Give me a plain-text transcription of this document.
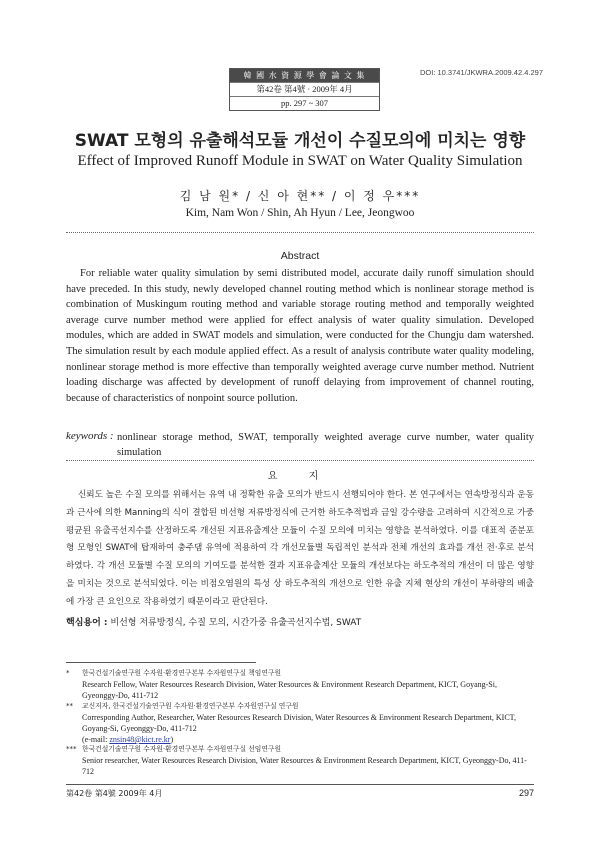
韓 國 水 資 源 學 會 論 文 集
第42卷 第4號 · 2009年 4月
pp. 297 ~ 307
DOI: 10.3741/JKWRA.2009.42.4.297
SWAT 모형의 유출해석모듈 개선이 수질모의에 미치는 영향
Effect of Improved Runoff Module in SWAT on Water Quality Simulation
김 남 원* / 신 아 현** / 이 정 우***
Kim, Nam Won / Shin, Ah Hyun / Lee, Jeongwoo
Abstract
For reliable water quality simulation by semi distributed model, accurate daily runoff simulation should have preceded. In this study, newly developed channel routing method which is nonlinear storage method is combination of Muskingum routing method and variable storage routing method and temporally weighted average curve number method were applied for effect analysis of water quality simulation. Developed modules, which are added in SWAT models and simulation, were conducted for the Chungju dam watershed. The simulation result by each module applied effect. As a result of analysis contribute water quality modeling, nonlinear storage method is more effective than temporally weighted average curve number method. Nutrient loading discharge was affected by development of runoff delaying from improvement of channel routing, because of characteristics of nonpoint source pollution.
keywords : nonlinear storage method, SWAT, temporally weighted average curve number, water quality simulation
요 지
신뢰도 높은 수질 모의를 위해서는 유역 내 정확한 유출 모의가 반드시 선행되어야 한다. 본 연구에서는 연속방정식과 운동과 근사에 의한 Manning의 식이 결합된 비선형 저류방정식에 근거한 하도추적법과 금일 강수량을 고려하여 시간적으로 가중 평균된 유출곡선지수를 산정하도록 개선된 지표유출계산 모듈이 수질 모의에 미치는 영향을 분석하였다. 이를 대표적 준분포형 모형인 SWAT에 탑재하여 충주댐 유역에 적용하여 각 개선모듈별 독립적인 분석과 전체 개선의 효과를 개선 전·후로 분석하였다. 각 개선 모듈별 수질 모의의 기여도를 분석한 결과 지표유출계산 모듈의 개선보다는 하도추적의 개선이 더 많은 영향을 미치는 것으로 분석되었다. 이는 비점오염원의 특성 상 하도추적의 개선으로 인한 유출 지체 현상의 개선이 부하량의 배출에 가장 큰 요인으로 작용하였기 때문이라고 판단된다.
핵심용어 : 비선형 저류방정식, 수질 모의, 시간가중 유출곡선지수법, SWAT
*	한국건설기술연구원 수자원·환경연구본부 수자원연구실 책임연구원
Research Fellow, Water Resources Research Division, Water Resources & Environment Research Department, KICT, Goyang-Si, Gyeonggy-Do, 411-712
**	교신저자, 한국건설기술연구원 수자원·환경연구본부 수자원연구실 연구원
Corresponding Author, Researcher, Water Resources Research Division, Water Resources & Environment Research Department, KICT, Goyang-Si, Gyeonggy-Do, 411-712
(e-mail: znsin48@kict.re.kr)
*** 한국건설기술연구원 수자원·환경연구본부 수자원연구실 선임연구원
Senior researcher, Water Resources Research Division, Water Resources & Environment Research Department, KICT, Gyeonggy-Do, 411-712
第42卷 第4號 2009年 4月	297
